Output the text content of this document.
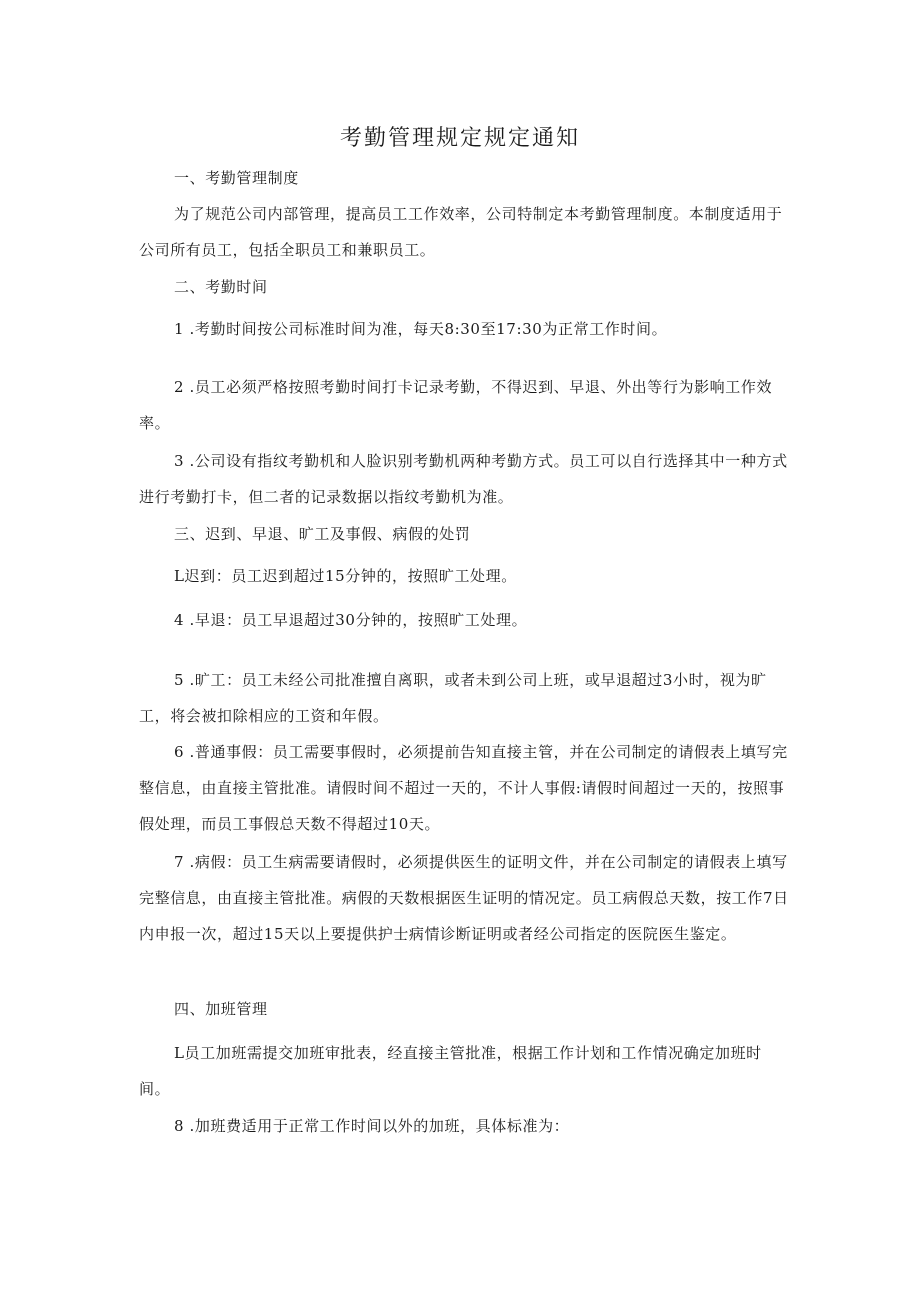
考勤管理规定规定通知

一、考勤管理制度

为了规范公司内部管理，提高员工工作效率，公司特制定本考勤管理制度。本制度适用于公司所有员工，包括全职员工和兼职员工。

二、考勤时间

1 .考勤时间按公司标准时间为准，每天8:30至17:30为正常工作时间。

2 .员工必须严格按照考勤时间打卡记录考勤，不得迟到、早退、外出等行为影响工作效率。

3 .公司设有指纹考勤机和人脸识别考勤机两种考勤方式。员工可以自行选择其中一种方式进行考勤打卡，但二者的记录数据以指纹考勤机为准。

三、迟到、早退、旷工及事假、病假的处罚

L迟到：员工迟到超过15分钟的，按照旷工处理。

4 .早退：员工早退超过30分钟的，按照旷工处理。

5 .旷工：员工未经公司批准擅自离职，或者未到公司上班，或早退超过3小时，视为旷工，将会被扣除相应的工资和年假。

6 .普通事假：员工需要事假时，必须提前告知直接主管，并在公司制定的请假表上填写完整信息，由直接主管批准。请假时间不超过一天的，不计人事假:请假时间超过一天的，按照事假处理，而员工事假总天数不得超过10天。

7 .病假：员工生病需要请假时，必须提供医生的证明文件，并在公司制定的请假表上填写完整信息，由直接主管批准。病假的天数根据医生证明的情况定。员工病假总天数，按工作7日内申报一次，超过15天以上要提供护士病情诊断证明或者经公司指定的医院医生鉴定。

四、加班管理

L员工加班需提交加班审批表，经直接主管批准，根据工作计划和工作情况确定加班时间。

8 .加班费适用于正常工作时间以外的加班，具体标准为：
